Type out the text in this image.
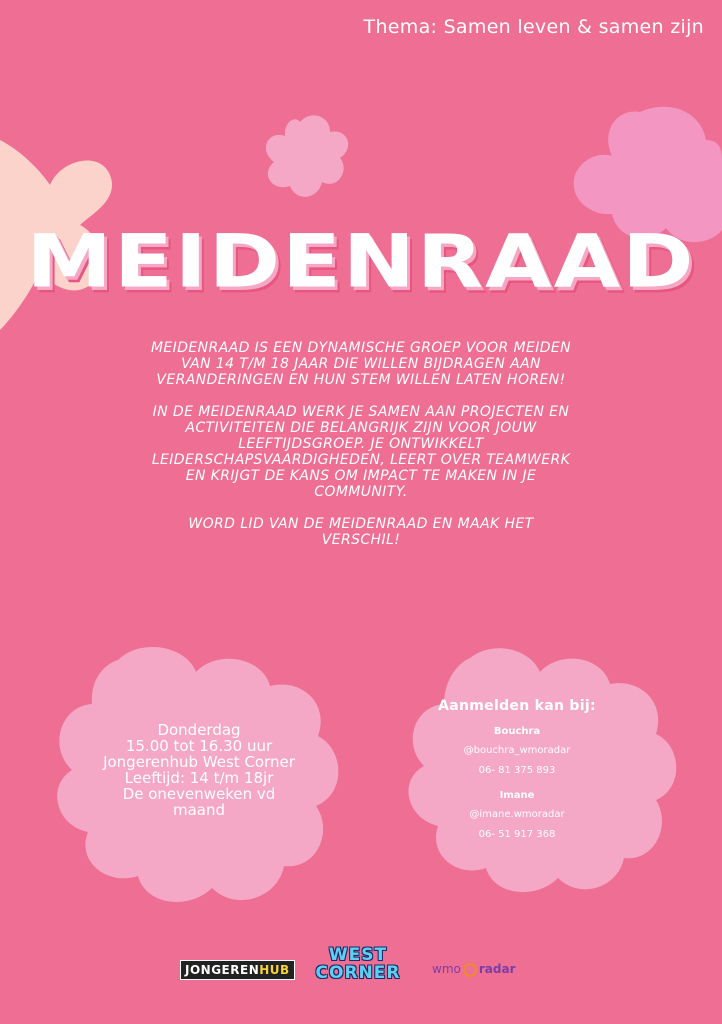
Thema: Samen leven & samen zijn
MEIDENRAAD

MEIDENRAAD IS EEN DYNAMISCHE GROEP VOOR MEIDEN VAN 14 T/M 18 JAAR DIE WILLEN BIJDRAGEN AAN VERANDERINGEN EN HUN STEM WILLEN LATEN HOREN!

IN DE MEIDENRAAD WERK JE SAMEN AAN PROJECTEN EN ACTIVITEITEN DIE BELANGRIJK ZIJN VOOR JOUW LEEFTIJDSGROEP. JE ONTWIKKELT LEIDERSCHAPSVAARDIGHEDEN, LEERT OVER TEAMWERK EN KRIJGT DE KANS OM IMPACT TE MAKEN IN JE COMMUNITY.

WORD LID VAN DE MEIDENRAAD EN MAAK HET VERSCHIL!

Donderdag
15.00 tot 16.30 uur
Jongerenhub West Corner
Leeftijd: 14 t/m 18jr
De onevenweken vd
maand
Aanmelden kan bij:
Bouchra
@bouchra_wmoradar
06- 81 375 893
Imane
@imane.wmoradar
06- 51 917 368
JONGERENHUB
WEST
CORNER	wmo radar
